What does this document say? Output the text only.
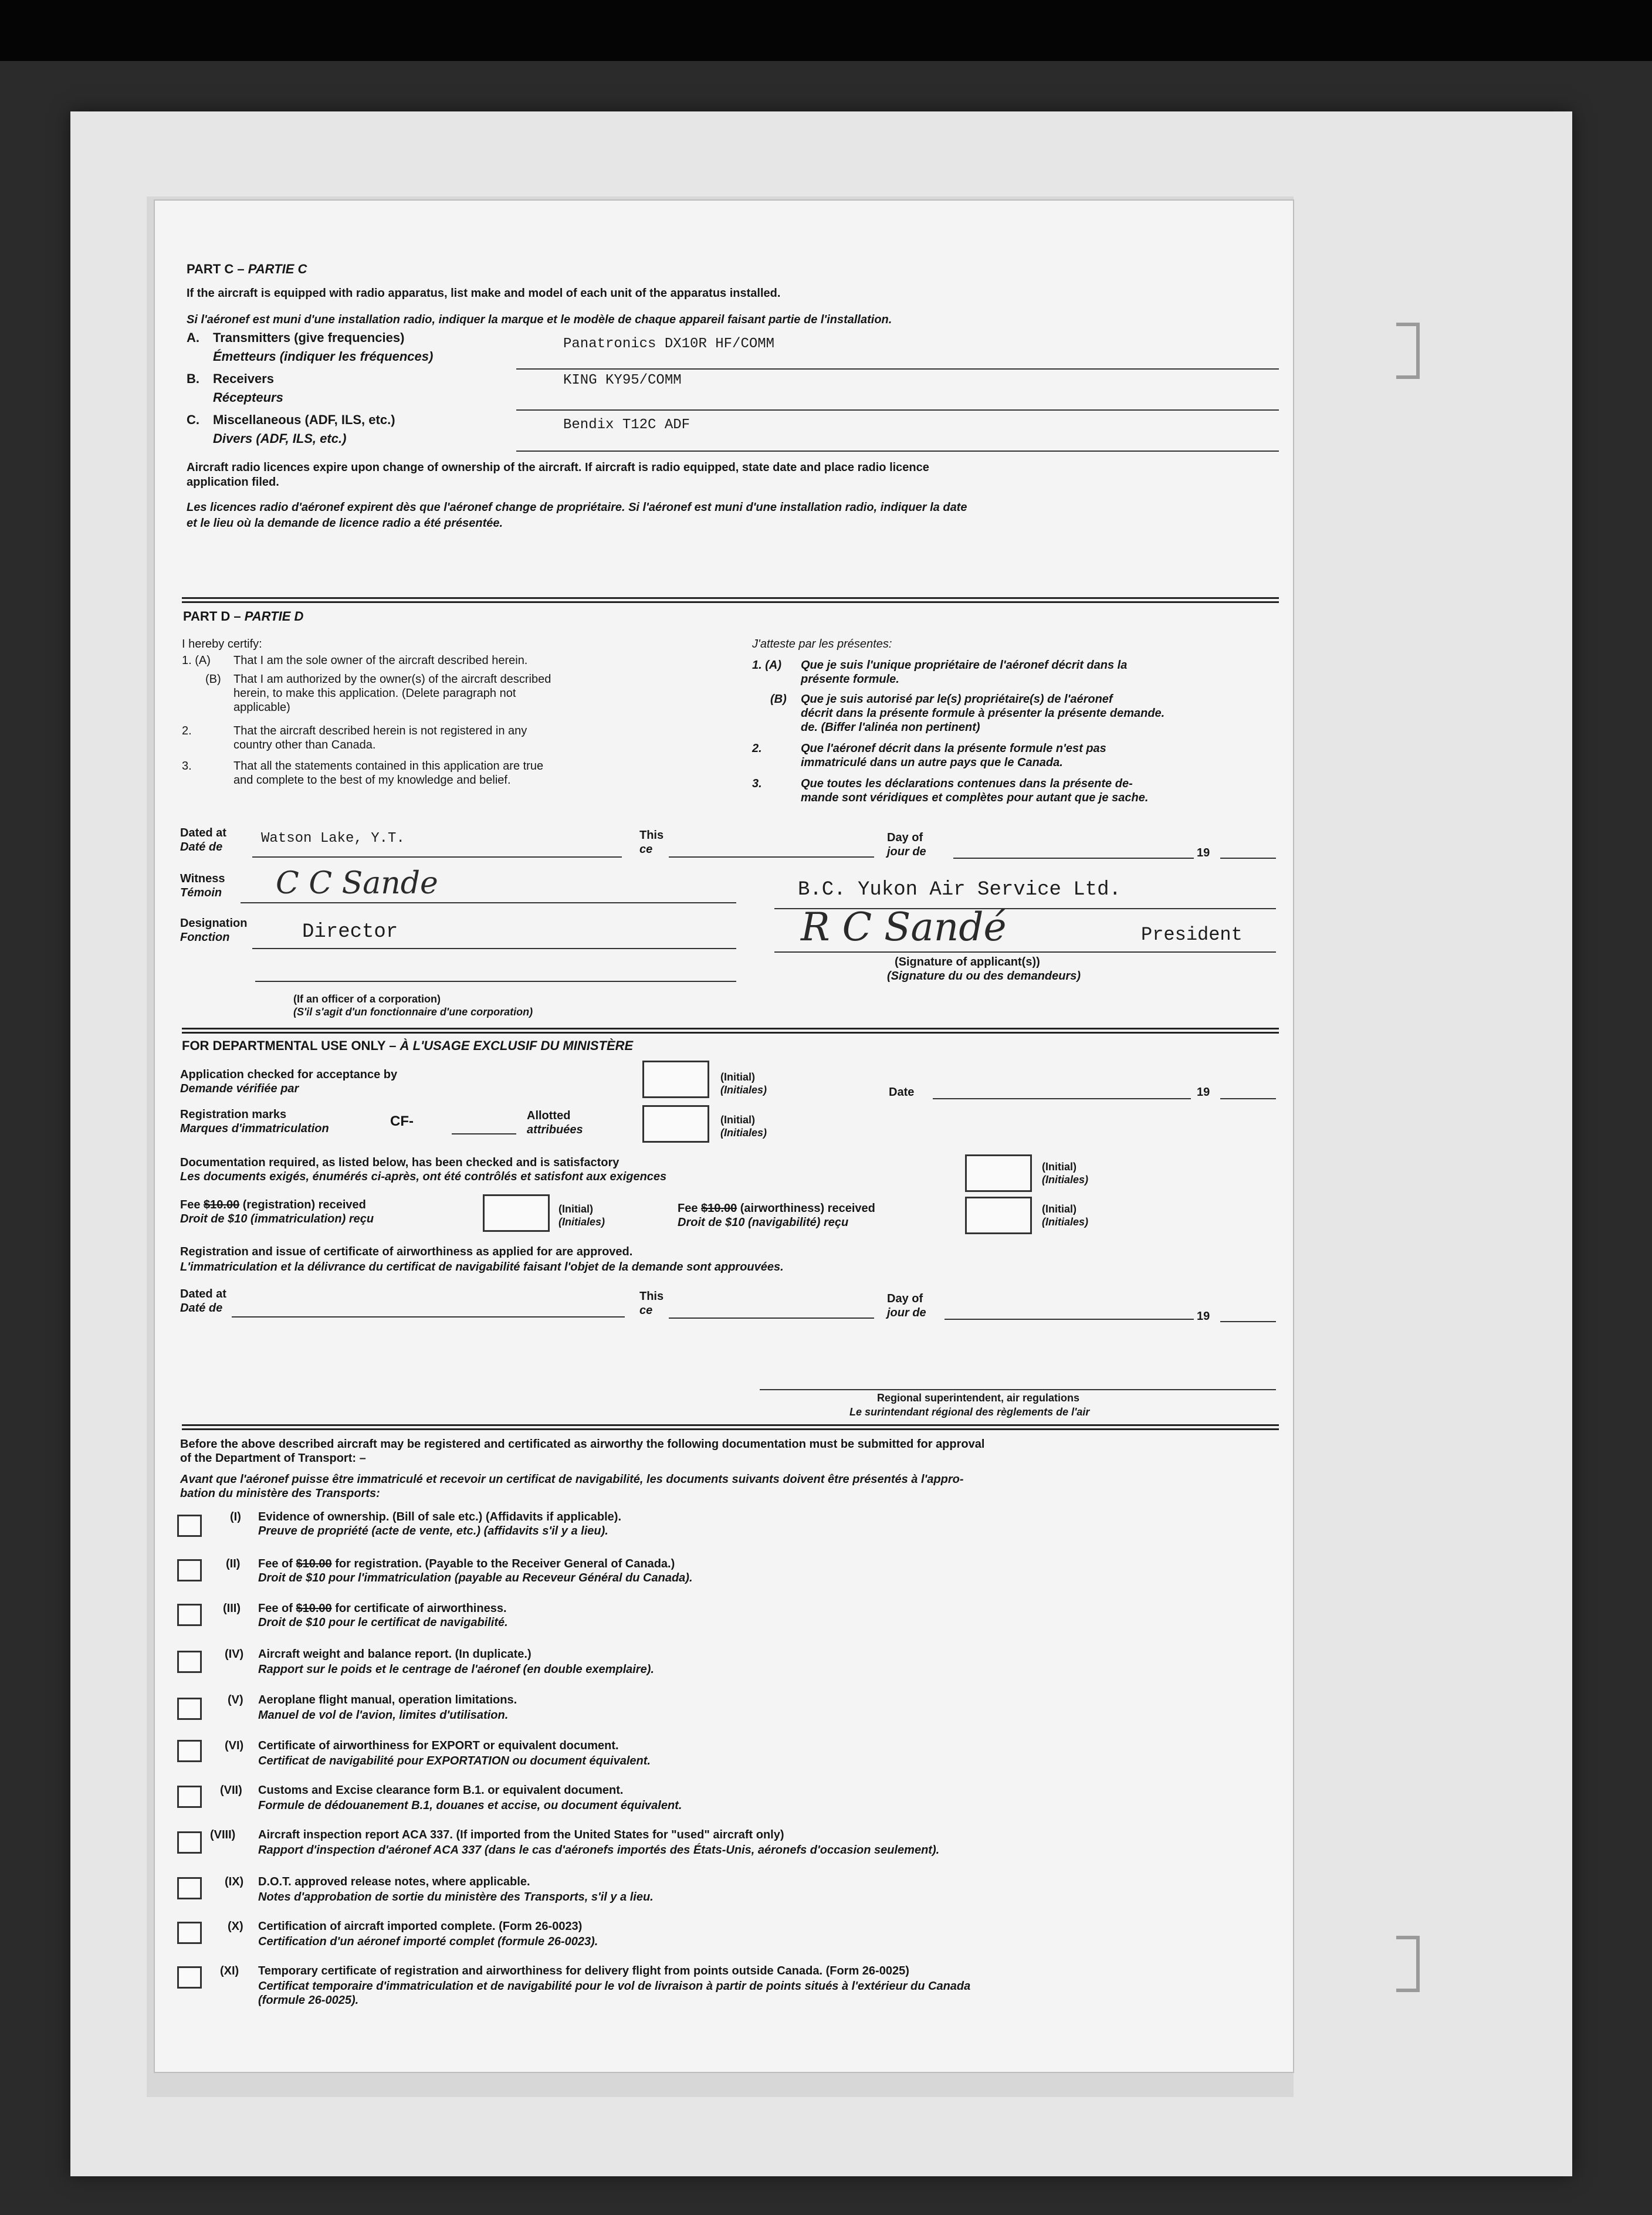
PART C – PARTIE C
If the aircraft is equipped with radio apparatus, list make and model of each unit of the apparatus installed.
Si l'aéronef est muni d'une installation radio, indiquer la marque et le modèle de chaque appareil faisant partie de l'installation.
A. Transmitters (give frequencies)
Émetteurs (indiquer les fréquences)
Panatronics DX10R HF/COMM
B. Receivers
Récepteurs
KING KY95/COMM
C. Miscellaneous (ADF, ILS, etc.)
Divers (ADF, ILS, etc.)
Bendix T12C ADF
Aircraft radio licences expire upon change of ownership of the aircraft. If aircraft is radio equipped, state date and place radio licence
application filed.
Les licences radio d'aéronef expirent dès que l'aéronef change de propriétaire. Si l'aéronef est muni d'une installation radio, indiquer la date
et le lieu où la demande de licence radio a été présentée.
PART D – PARTIE D
I hereby certify:
1. (A) That I am the sole owner of the aircraft described herein.
(B) That I am authorized by the owner(s) of the aircraft described
herein, to make this application. (Delete paragraph not
applicable)
2.	That the aircraft described herein is not registered in any
country other than Canada.
3.	That all the statements contained in this application are true
and complete to the best of my knowledge and belief.
J'atteste par les présentes:
1. (A) Que je suis l'unique propriétaire de l'aéronef décrit dans la
présente formule.
(B) Que je suis autorisé par le(s) propriétaire(s) de l'aéronef
décrit dans la présente formule à présenter la présente demande.
de. (Biffer l'alinéa non pertinent)
2.	Que l'aéronef décrit dans la présente formule n'est pas
immatriculé dans un autre pays que le Canada.
3.	Que toutes les déclarations contenues dans la présente de-
mande sont véridiques et complètes pour autant que je sache.
Dated at
Daté de
Watson Lake, Y.T.	This
ce
Day of
jour de	19
Witness
Témoin C C Sande	B.C. Yukon Air Service Ltd.
Designation
Fonction	Director	R C Sandé	President
(Signature of applicant(s))
(Signature du ou des demandeurs)
(If an officer of a corporation)
(S'il s'agit d'un fonctionnaire d'une corporation)
FOR DEPARTMENTAL USE ONLY – À L'USAGE EXCLUSIF DU MINISTÈRE
Application checked for acceptance by
Demande vérifiée par
(Initial)
(Initiales)	Date	19
Registration marks
Marques d'immatriculation	CF-	Allotted
attribuées
(Initial)
(Initiales)
Documentation required, as listed below, has been checked and is satisfactory
Les documents exigés, énumérés ci-après, ont été contrôlés et satisfont aux exigences
(Initial)
(Initiales)
Fee $10.00 (registration) received
Droit de $10 (immatriculation) reçu
(Initial)
(Initiales)
Fee $10.00 (airworthiness) received
Droit de $10 (navigabilité) reçu
(Initial)
(Initiales)
Registration and issue of certificate of airworthiness as applied for are approved.
L'immatriculation et la délivrance du certificat de navigabilité faisant l'objet de la demande sont approuvées.
Dated at
Daté de
This
ce
Day of
jour de	19
Regional superintendent, air regulations
Le surintendant régional des règlements de l'air
Before the above described aircraft may be registered and certificated as airworthy the following documentation must be submitted for approval
of the Department of Transport: –
Avant que l'aéronef puisse être immatriculé et recevoir un certificat de navigabilité, les documents suivants doivent être présentés à l'appro-
bation du ministère des Transports:
(I) Evidence of ownership. (Bill of sale etc.) (Affidavits if applicable).
Preuve de propriété (acte de vente, etc.) (affidavits s'il y a lieu).
(II) Fee of $10.00 for registration. (Payable to the Receiver General of Canada.)
Droit de $10 pour l'immatriculation (payable au Receveur Général du Canada).
(III) Fee of $10.00 for certificate of airworthiness.
Droit de $10 pour le certificat de navigabilité.
(IV) Aircraft weight and balance report. (In duplicate.)
Rapport sur le poids et le centrage de l'aéronef (en double exemplaire).
(V) Aeroplane flight manual, operation limitations.
Manuel de vol de l'avion, limites d'utilisation.
(VI) Certificate of airworthiness for EXPORT or equivalent document.
Certificat de navigabilité pour EXPORTATION ou document équivalent.
(VII) Customs and Excise clearance form B.1. or equivalent document.
Formule de dédouanement B.1, douanes et accise, ou document équivalent.
(VIII) Aircraft inspection report ACA 337. (If imported from the United States for "used" aircraft only)
Rapport d'inspection d'aéronef ACA 337 (dans le cas d'aéronefs importés des États-Unis, aéronefs d'occasion seulement).
(IX) D.O.T. approved release notes, where applicable.
Notes d'approbation de sortie du ministère des Transports, s'il y a lieu.
(X) Certification of aircraft imported complete. (Form 26-0023)
Certification d'un aéronef importé complet (formule 26-0023).
(XI) Temporary certificate of registration and airworthiness for delivery flight from points outside Canada. (Form 26-0025)
Certificat temporaire d'immatriculation et de navigabilité pour le vol de livraison à partir de points situés à l'extérieur du Canada
(formule 26-0025).
